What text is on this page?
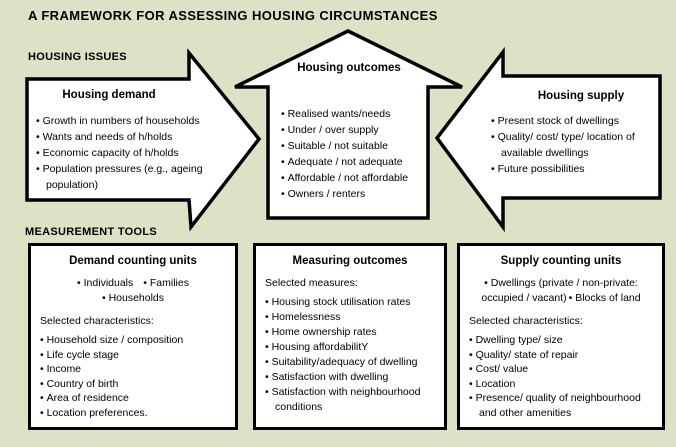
A FRAMEWORK FOR ASSESSING HOUSING CIRCUMSTANCES
HOUSING ISSUES
MEASUREMENT TOOLS
Housing demand
• Growth in numbers of households
• Wants and needs of h/holds
• Economic capacity of h/holds
• Population pressures (e.g., ageing population)
Housing outcomes
• Realised wants/needs
• Under / over supply
• Suitable / not suitable
• Adequate / not adequate
• Affordable / not affordable
• Owners / renters
Housing supply
• Present stock of dwellings
• Quality/ cost/ type/ location of available dwellings
• Future possibilities
Demand counting units
• Individuals • Families
• Households

Selected characteristics:

• Household size / composition
• Life cycle stage
• Income
• Country of birth
• Area of residence
• Location preferences.
Measuring outcomes

Selected measures:

• Housing stock utilisation rates
• Homelessness
• Home ownership rates
• Housing affordabilitY
• Suitability/adequacy of dwelling
• Satisfaction with dwelling
• Satisfaction with neighbourhood conditions
Supply counting units
• Dwellings (private / non-private: occupied / vacant) • Blocks of land

Selected characteristics:

• Dwelling type/ size
• Quality/ state of repair
• Cost/ value
• Location
• Presence/ quality of neighbourhood and other amenities
